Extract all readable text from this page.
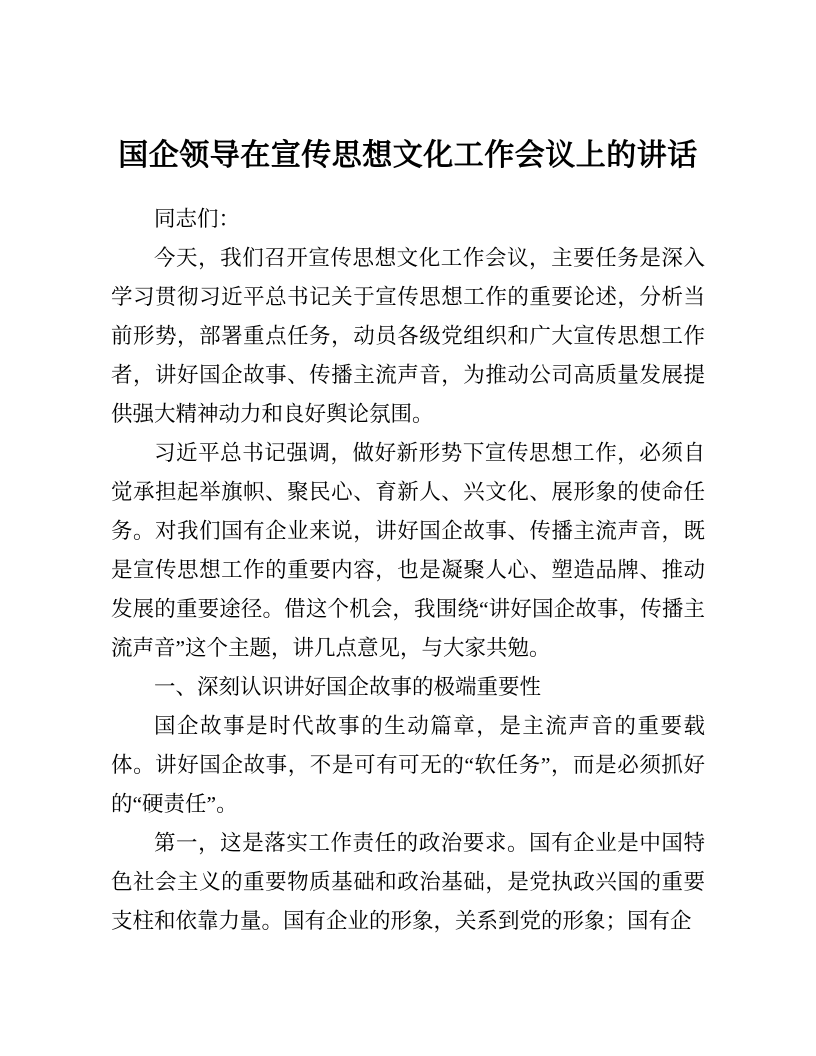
国企领导在宣传思想文化工作会议上的讲话

同志们：

今天，我们召开宣传思想文化工作会议，主要任务是深入学习贯彻习近平总书记关于宣传思想工作的重要论述，分析当前形势，部署重点任务，动员各级党组织和广大宣传思想工作者，讲好国企故事、传播主流声音，为推动公司高质量发展提供强大精神动力和良好舆论氛围。

习近平总书记强调，做好新形势下宣传思想工作，必须自觉承担起举旗帜、聚民心、育新人、兴文化、展形象的使命任务。对我们国有企业来说，讲好国企故事、传播主流声音，既是宣传思想工作的重要内容，也是凝聚人心、塑造品牌、推动发展的重要途径。借这个机会，我围绕“讲好国企故事，传播主流声音”这个主题，讲几点意见，与大家共勉。

一、深刻认识讲好国企故事的极端重要性

国企故事是时代故事的生动篇章，是主流声音的重要载体。讲好国企故事，不是可有可无的“软任务”，而是必须抓好的“硬责任”。

第一，这是落实工作责任的政治要求。国有企业是中国特色社会主义的重要物质基础和政治基础，是党执政兴国的重要支柱和依靠力量。国有企业的形象，关系到党的形象；国有企
